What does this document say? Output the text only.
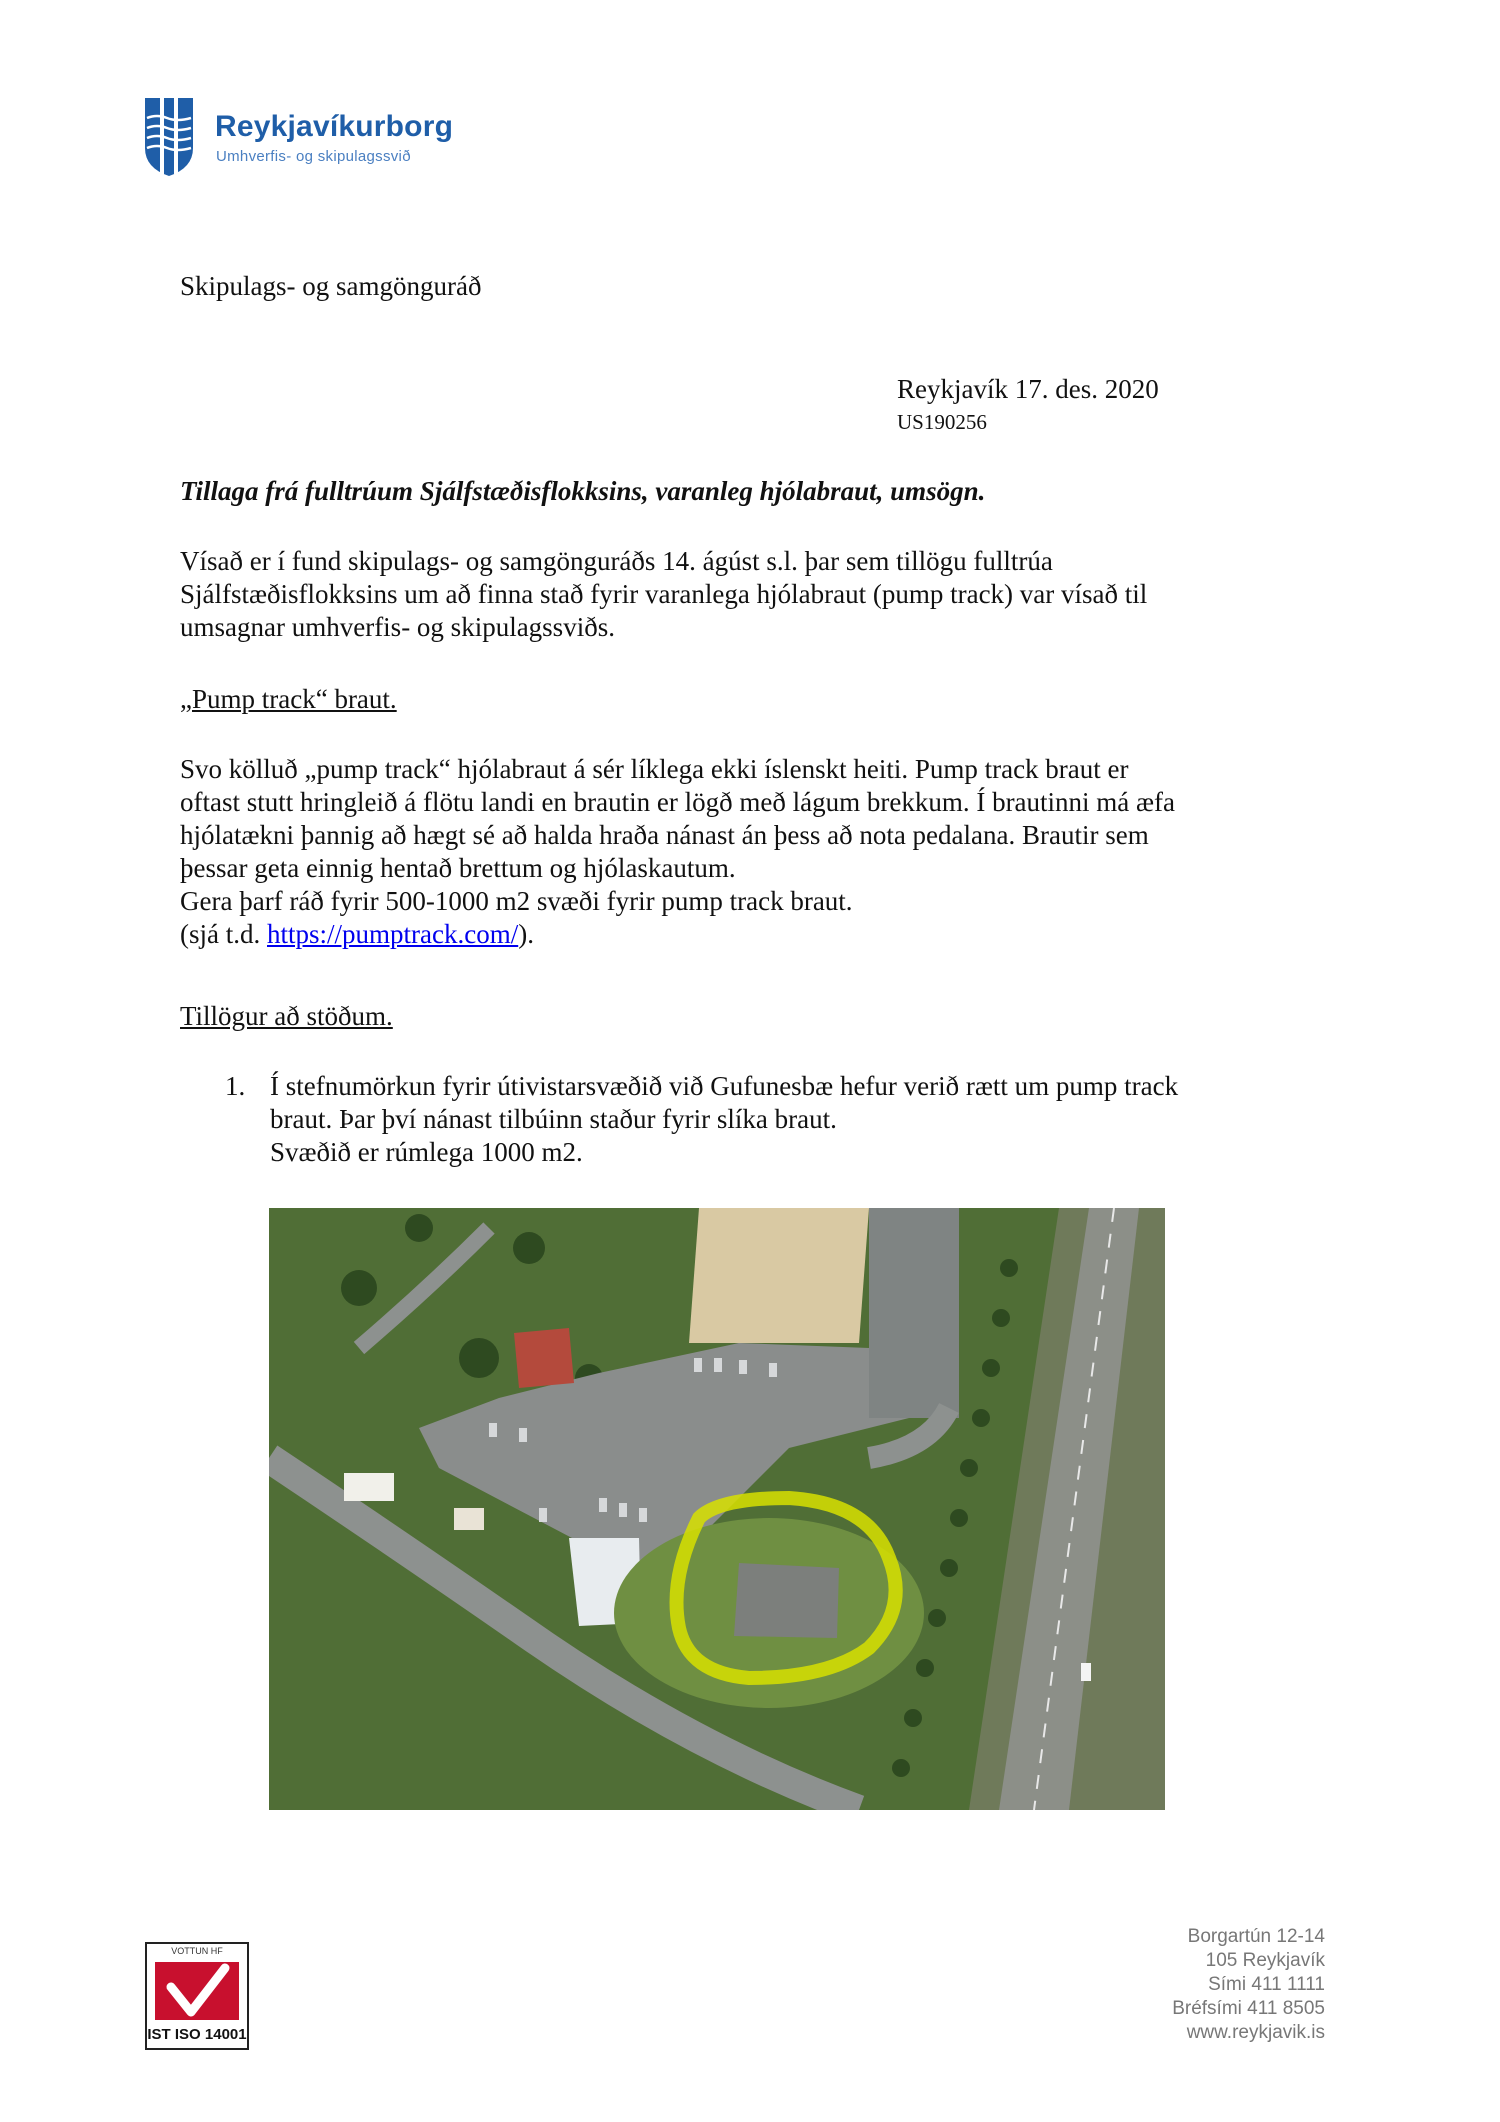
Reykjavíkurborg
Umhverfis- og skipulagssvið
Skipulags- og samgönguráð
Reykjavík 17. des. 2020
US190256
Tillaga frá fulltrúum Sjálfstæðisflokksins, varanleg hjólabraut, umsögn.
Vísað er í fund skipulags- og samgönguráðs 14. ágúst s.l. þar sem tillögu fulltrúa
Sjálfstæðisflokksins um að finna stað fyrir varanlega hjólabraut (pump track) var vísað til
umsagnar umhverfis- og skipulagssviðs.
„Pump track“ braut.
Svo kölluð „pump track“ hjólabraut á sér líklega ekki íslenskt heiti. Pump track braut er
oftast stutt hringleið á flötu landi en brautin er lögð með lágum brekkum. Í brautinni má æfa
hjólatækni þannig að hægt sé að halda hraða nánast án þess að nota pedalana. Brautir sem
þessar geta einnig hentað brettum og hjólaskautum.
Gera þarf ráð fyrir 500-1000 m2 svæði fyrir pump track braut.
(sjá t.d. https://pumptrack.com/).
Tillögur að stöðum.
1. Í stefnumörkun fyrir útivistarsvæðið við Gufunesbæ hefur verið rætt um pump track
braut. Þar því nánast tilbúinn staður fyrir slíka braut.
Svæðið er rúmlega 1000 m2.
VOTTUN HF
IST ISO 14001
Borgartún 12-14
105 Reykjavík
Sími 411 1111
Bréfsími 411 8505
www.reykjavik.is
